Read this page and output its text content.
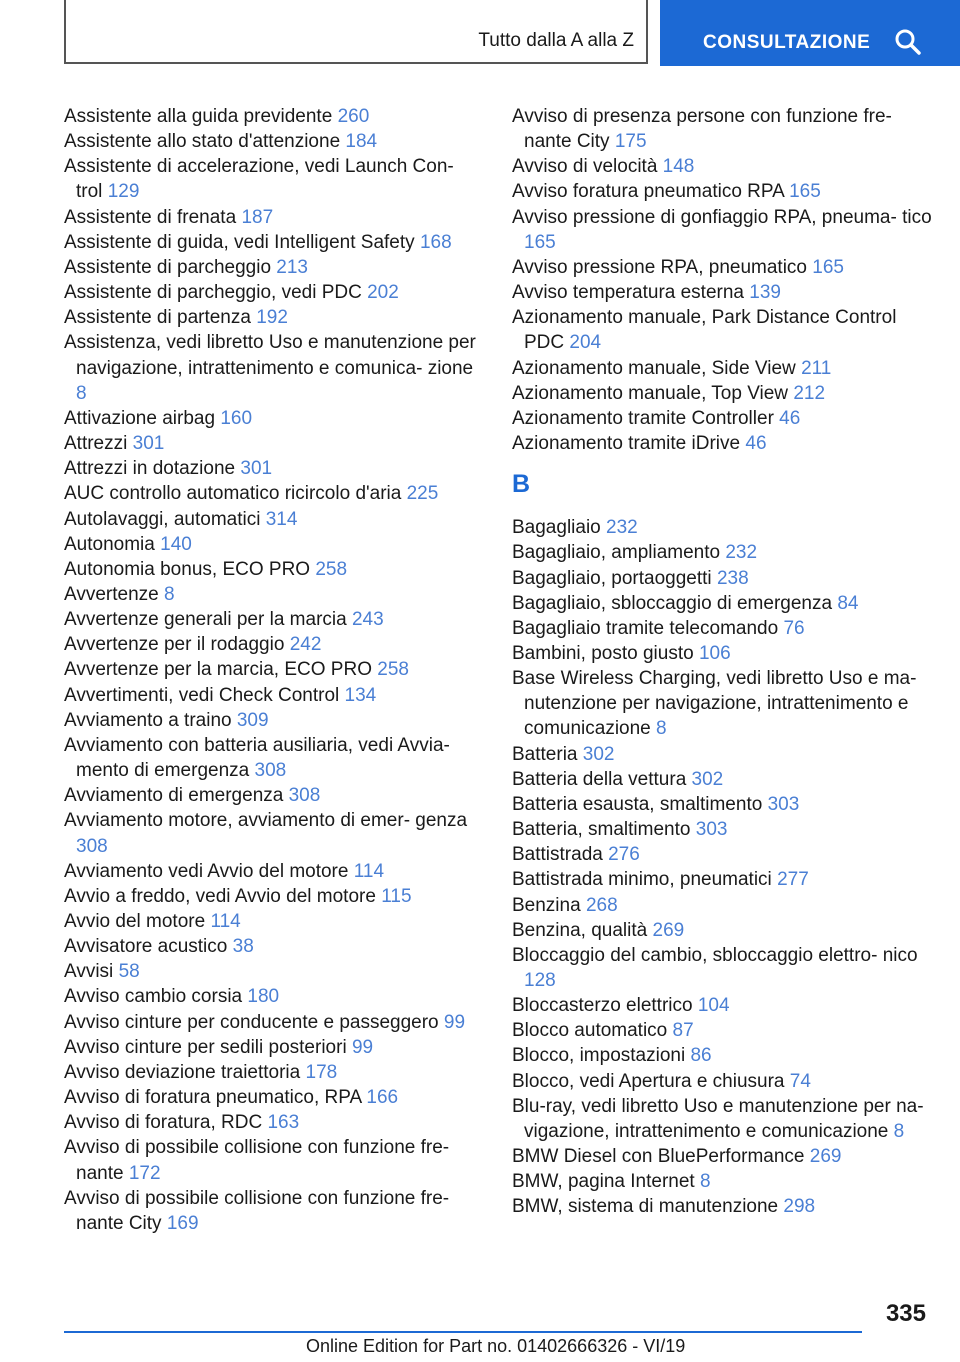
Tutto dalla A alla Z	CONSULTAZIONE
Assistente alla guida previdente 260
Assistente allo stato d'attenzione 184
Assistente di accelerazione, vedi Launch Con‐ trol 129
Assistente di frenata 187
Assistente di guida, vedi Intelligent Safety 168
Assistente di parcheggio 213
Assistente di parcheggio, vedi PDC 202
Assistente di partenza 192
Assistenza, vedi libretto Uso e manutenzione per navigazione, intrattenimento e comunica‐ zione 8
Attivazione airbag 160
Attrezzi 301
Attrezzi in dotazione 301
AUC controllo automatico ricircolo d'aria 225
Autolavaggi, automatici 314
Autonomia 140
Autonomia bonus, ECO PRO 258
Avvertenze 8
Avvertenze generali per la marcia 243
Avvertenze per il rodaggio 242
Avvertenze per la marcia, ECO PRO 258
Avvertimenti, vedi Check Control 134
Avviamento a traino 309
Avviamento con batteria ausiliaria, vedi Avvia‐ mento di emergenza 308
Avviamento di emergenza 308
Avviamento motore, avviamento di emer‐ genza 308
Avviamento vedi Avvio del motore 114
Avvio a freddo, vedi Avvio del motore 115
Avvio del motore 114
Avvisatore acustico 38
Avvisi 58
Avviso cambio corsia 180
Avviso cinture per conducente e passeggero 99
Avviso cinture per sedili posteriori 99
Avviso deviazione traiettoria 178
Avviso di foratura pneumatico, RPA 166
Avviso di foratura, RDC 163
Avviso di possibile collisione con funzione fre‐ nante 172
Avviso di possibile collisione con funzione fre‐ nante City 169
Avviso di presenza persone con funzione fre‐ nante City 175
Avviso di velocità 148
Avviso foratura pneumatico RPA 165
Avviso pressione di gonfiaggio RPA, pneuma‐ tico 165
Avviso pressione RPA, pneumatico 165
Avviso temperatura esterna 139
Azionamento manuale, Park Distance Control PDC 204
Azionamento manuale, Side View 211
Azionamento manuale, Top View 212
Azionamento tramite Controller 46
Azionamento tramite iDrive 46
B
Bagagliaio 232
Bagagliaio, ampliamento 232
Bagagliaio, portaoggetti 238
Bagagliaio, sbloccaggio di emergenza 84
Bagagliaio tramite telecomando 76
Bambini, posto giusto 106
Base Wireless Charging, vedi libretto Uso e ma‐ nutenzione per navigazione, intrattenimento e comunicazione 8
Batteria 302
Batteria della vettura 302
Batteria esausta, smaltimento 303
Batteria, smaltimento 303
Battistrada 276
Battistrada minimo, pneumatici 277
Benzina 268
Benzina, qualità 269
Bloccaggio del cambio, sbloccaggio elettro‐ nico 128
Bloccasterzo elettrico 104
Blocco automatico 87
Blocco, impostazioni 86
Blocco, vedi Apertura e chiusura 74
Blu-ray, vedi libretto Uso e manutenzione per na‐ vigazione, intrattenimento e comunicazione 8
BMW Diesel con BluePerformance 269
BMW, pagina Internet 8
BMW, sistema di manutenzione 298
335
Online Edition for Part no. 01402666326 - VI/19
